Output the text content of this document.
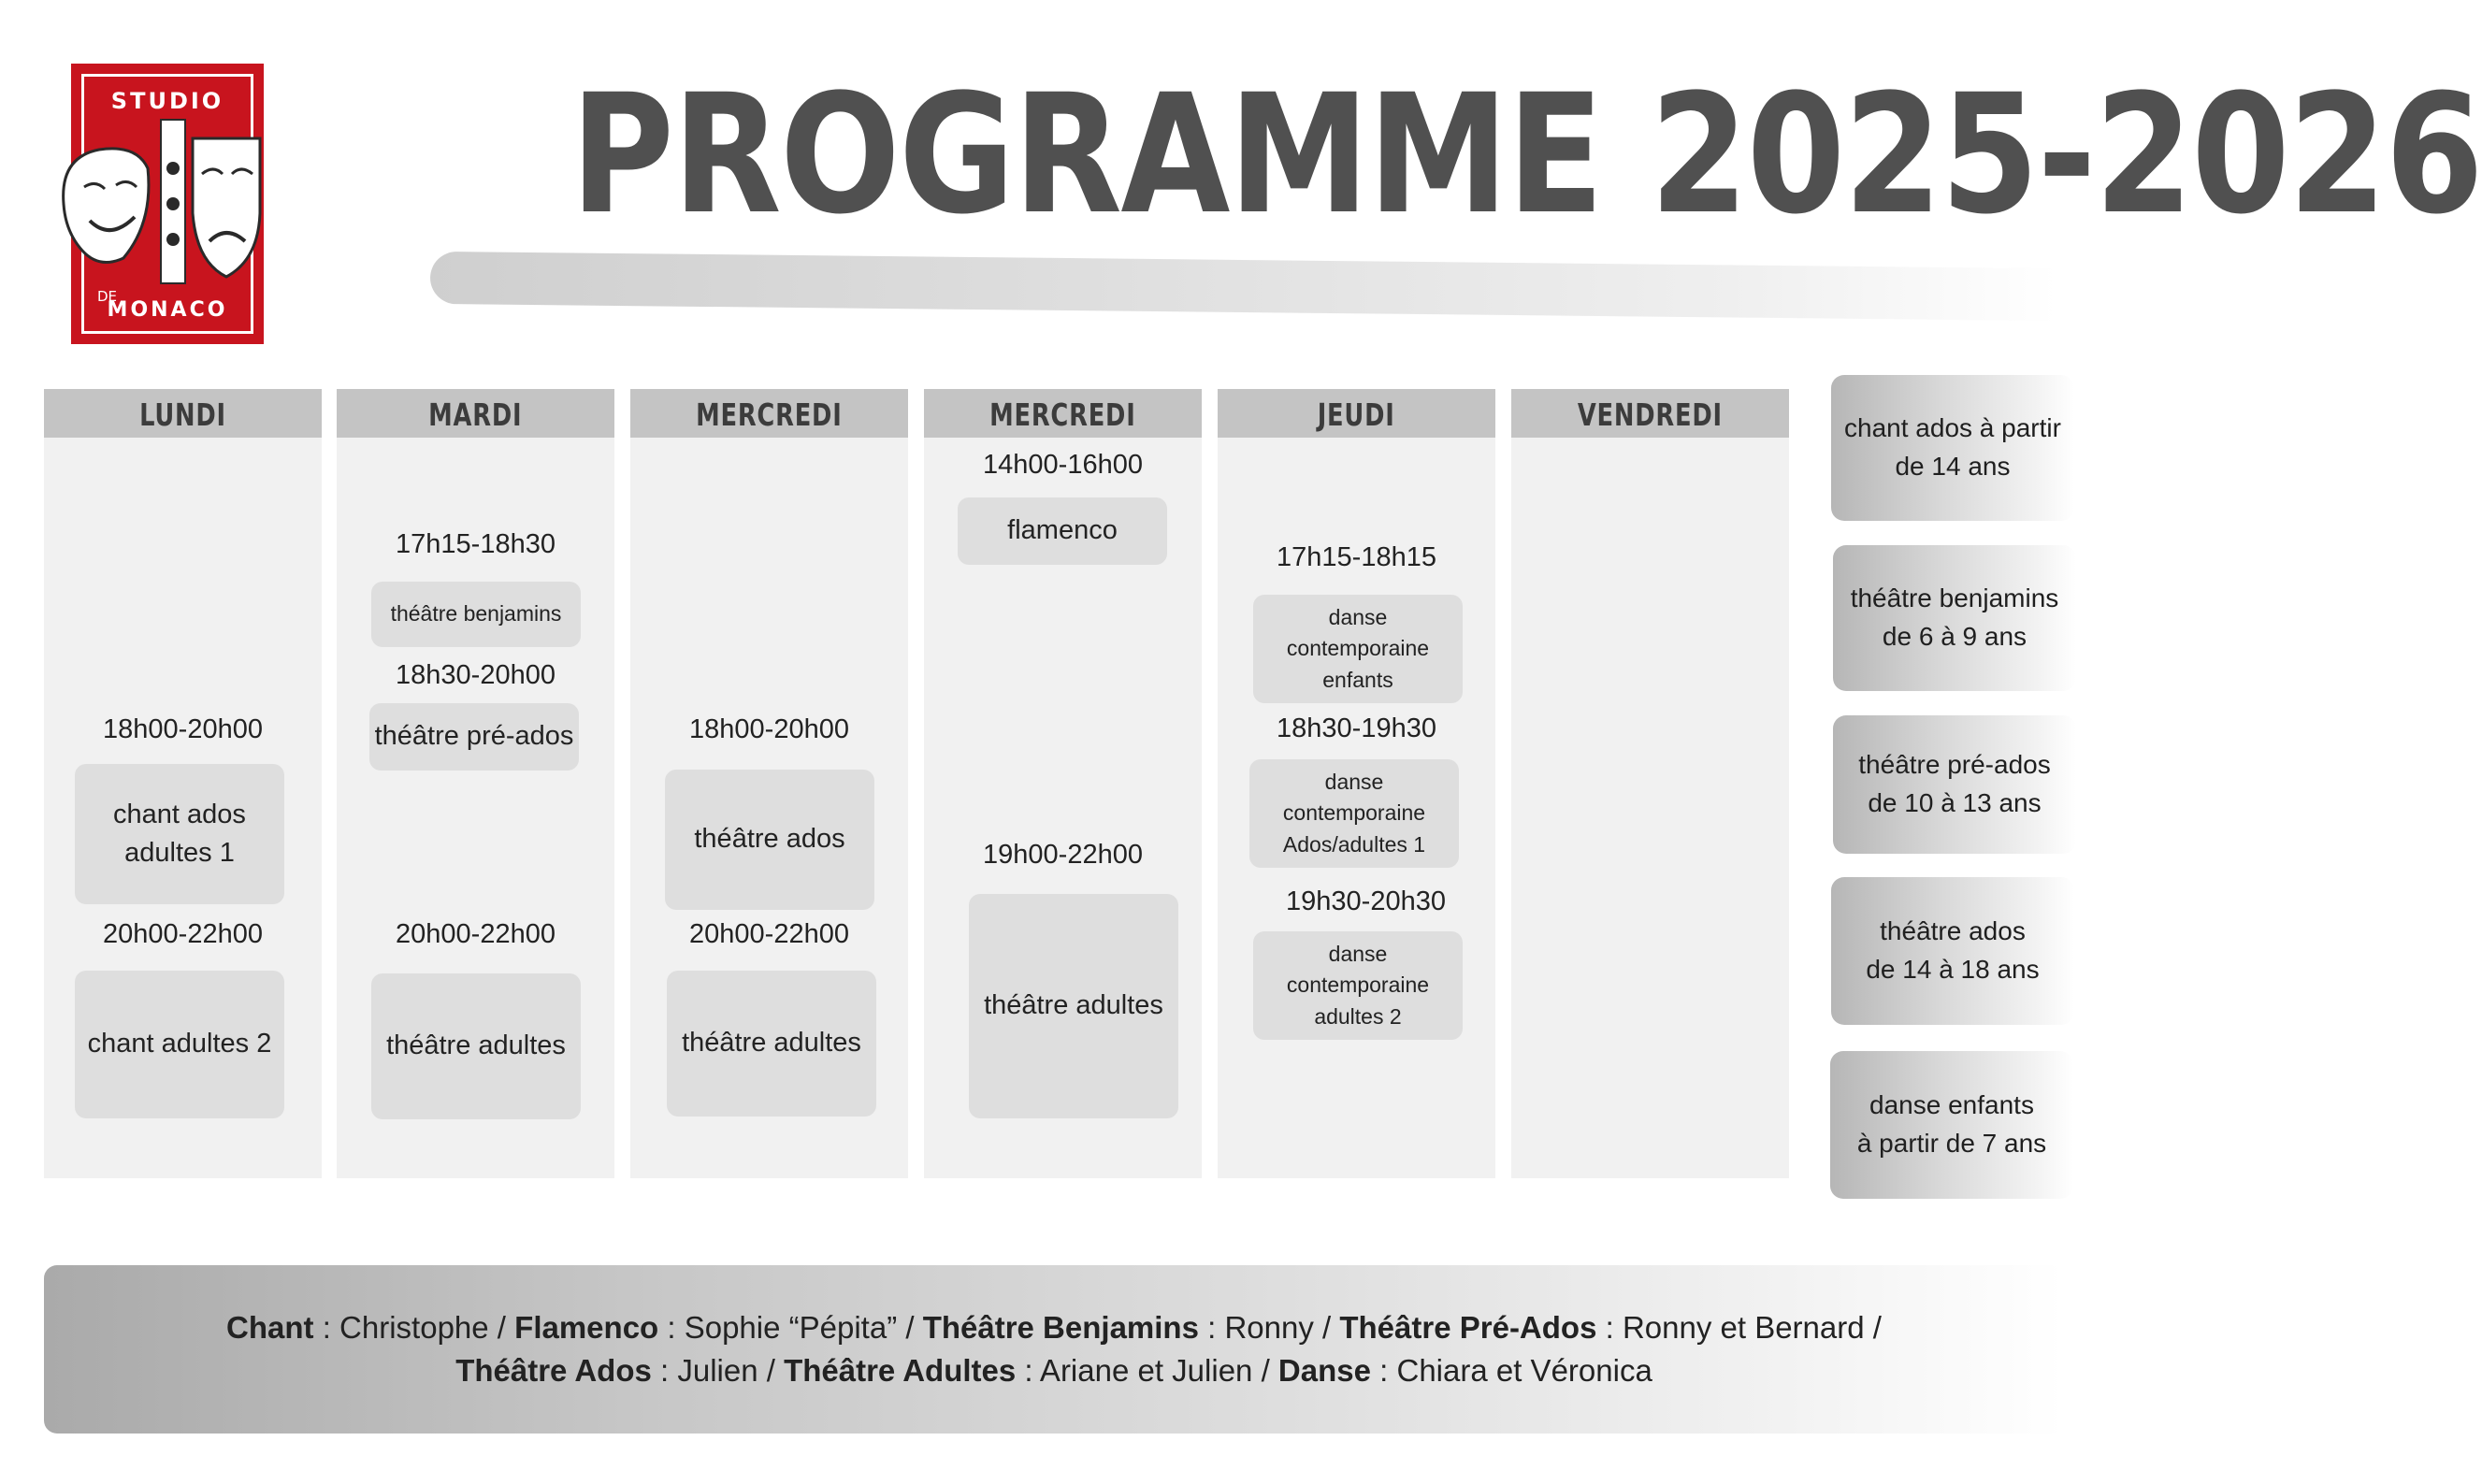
STUDIO
DE
MONACO
PROGRAMME 2025-2026
LUNDI
18h00-20h00
chant ados adultes 1
20h00-22h00
chant adultes 2
MARDI
17h15-18h30
théâtre benjamins
18h30-20h00
théâtre pré-ados
20h00-22h00
théâtre adultes
MERCREDI
18h00-20h00
théâtre ados
20h00-22h00
théâtre adultes
MERCREDI
14h00-16h00
flamenco
19h00-22h00
théâtre adultes
JEUDI
17h15-18h15
danse contemporaine enfants
18h30-19h30
danse contemporaine Ados/adultes 1
19h30-20h30
danse contemporaine adultes 2
VENDREDI	chant ados à partir
de 14 ans
théâtre benjamins
de 6 à 9 ans
théâtre pré-ados
de 10 à 13 ans
théâtre ados
de 14 à 18 ans
danse enfants
à partir de 7 ans
Chant : Christophe / Flamenco : Sophie “Pépita” / Théâtre Benjamins : Ronny / Théâtre Pré-Ados : Ronny et Bernard /
Théâtre Ados : Julien / Théâtre Adultes : Ariane et Julien / Danse : Chiara et Véronica
